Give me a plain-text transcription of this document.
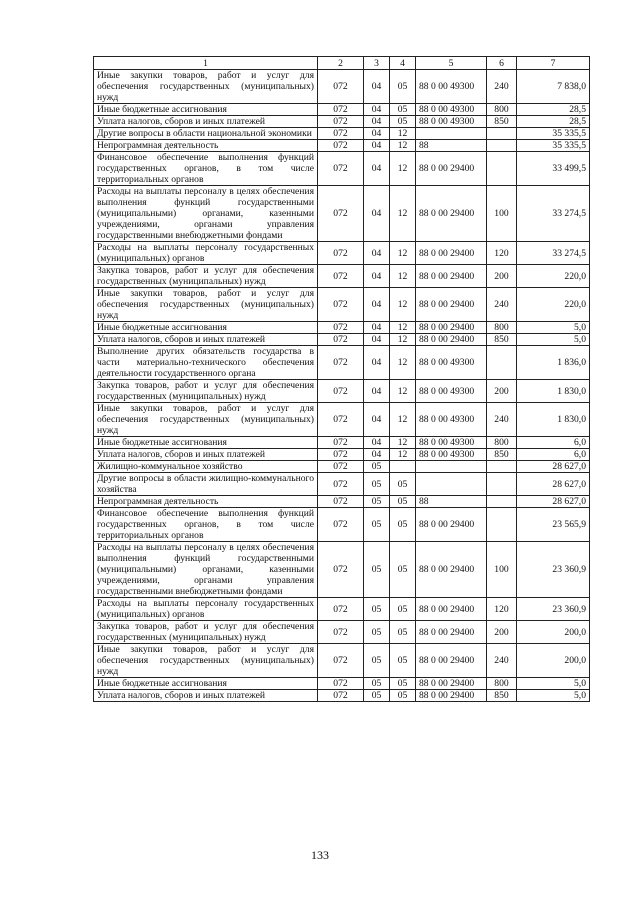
1	2	3	4	5	6	7
Иные закупки товаров, работ и услуг для обеспечения государственных (муниципальных) нужд	072	04	05	88 0 00 49300	240	7 838,0
Иные бюджетные ассигнования	072	04	05	88 0 00 49300	800	28,5
Уплата налогов, сборов и иных платежей	072	04	05	88 0 00 49300	850	28,5
Другие вопросы в области национальной экономики	072	04	12			35 335,5
Непрограммная деятельность	072	04	12	88		35 335,5
Финансовое обеспечение выполнения функций государственных органов, в том числе территориальных органов	072	04	12	88 0 00 29400		33 499,5
Расходы на выплаты персоналу в целях обеспечения выполнения функций государственными (муниципальными) органами, казенными учреждениями, органами управления государственными внебюджетными фондами	072	04	12	88 0 00 29400	100	33 274,5
Расходы на выплаты персоналу государственных (муниципальных) органов	072	04	12	88 0 00 29400	120	33 274,5
Закупка товаров, работ и услуг для обеспечения государственных (муниципальных) нужд	072	04	12	88 0 00 29400	200	220,0
Иные закупки товаров, работ и услуг для обеспечения государственных (муниципальных) нужд	072	04	12	88 0 00 29400	240	220,0
Иные бюджетные ассигнования	072	04	12	88 0 00 29400	800	5,0
Уплата налогов, сборов и иных платежей	072	04	12	88 0 00 29400	850	5,0
Выполнение других обязательств государства в части материально-технического обеспечения деятельности государственного органа	072	04	12	88 0 00 49300		1 836,0
Закупка товаров, работ и услуг для обеспечения государственных (муниципальных) нужд	072	04	12	88 0 00 49300	200	1 830,0
Иные закупки товаров, работ и услуг для обеспечения государственных (муниципальных) нужд	072	04	12	88 0 00 49300	240	1 830,0
Иные бюджетные ассигнования	072	04	12	88 0 00 49300	800	6,0
Уплата налогов, сборов и иных платежей	072	04	12	88 0 00 49300	850	6,0
Жилищно-коммунальное хозяйство	072	05				28 627,0
Другие вопросы в области жилищно-коммунального хозяйства	072	05	05			28 627,0
Непрограммная деятельность	072	05	05	88		28 627,0
Финансовое обеспечение выполнения функций государственных органов, в том числе территориальных органов	072	05	05	88 0 00 29400		23 565,9
Расходы на выплаты персоналу в целях обеспечения выполнения функций государственными (муниципальными) органами, казенными учреждениями, органами управления государственными внебюджетными фондами	072	05	05	88 0 00 29400	100	23 360,9
Расходы на выплаты персоналу государственных (муниципальных) органов	072	05	05	88 0 00 29400	120	23 360,9
Закупка товаров, работ и услуг для обеспечения государственных (муниципальных) нужд	072	05	05	88 0 00 29400	200	200,0
Иные закупки товаров, работ и услуг для обеспечения государственных (муниципальных) нужд	072	05	05	88 0 00 29400	240	200,0
Иные бюджетные ассигнования	072	05	05	88 0 00 29400	800	5,0
Уплата налогов, сборов и иных платежей	072	05	05	88 0 00 29400	850	5,0
133
